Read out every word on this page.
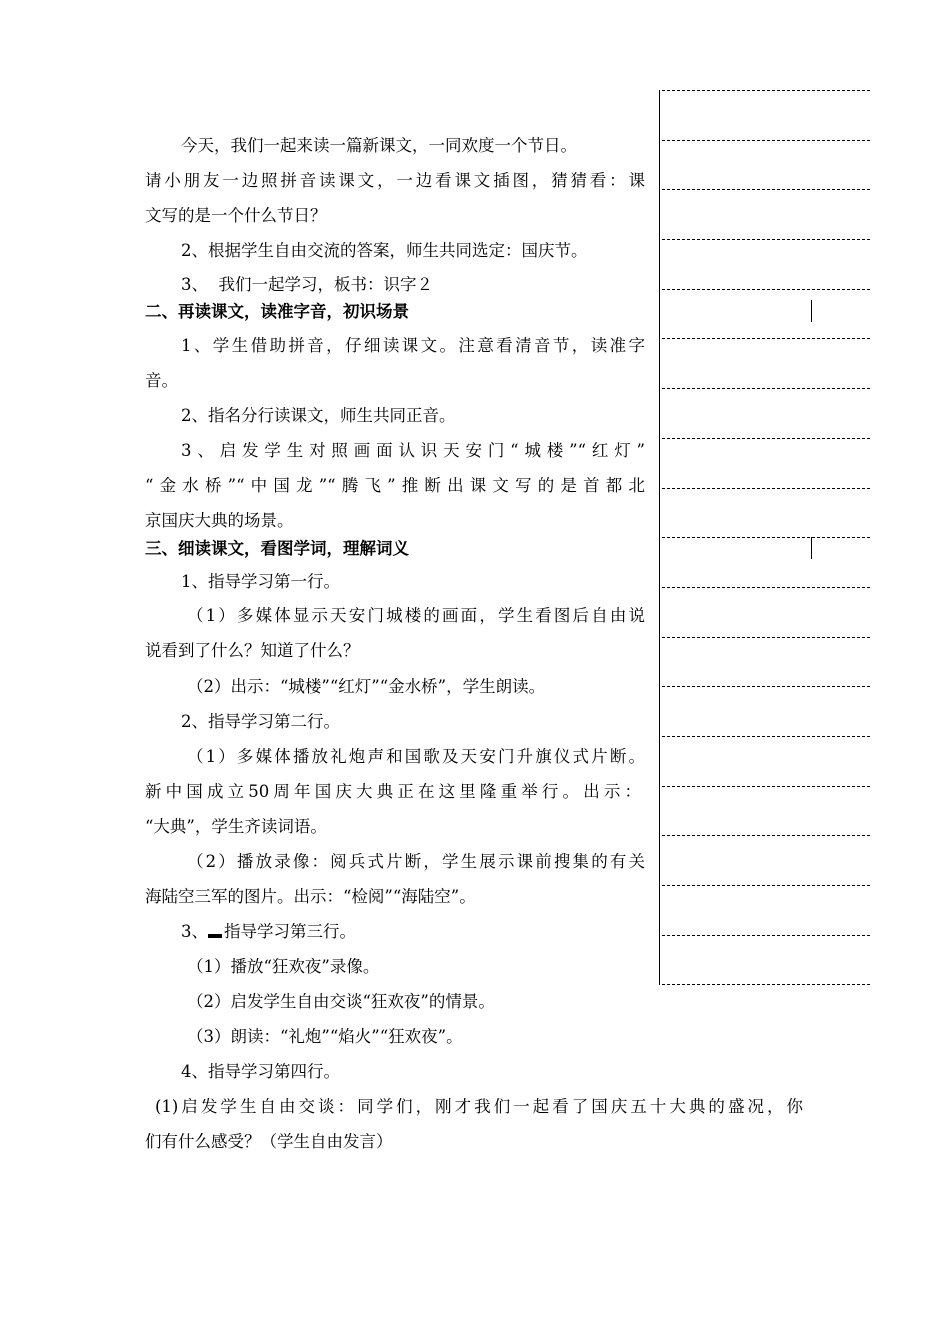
今天，我们一起来读一篇新课文，一同欢度一个节日。
请小朋友一边照拼音读课文，一边看课文插图，猜猜看：课
文写的是一个什么节日？
2、根据学生自由交流的答案，师生共同选定：国庆节。
3、  我们一起学习，板书：识字２
二、再读课文，读准字音，初识场景
1、学生借助拼音，仔细读课文。注意看清音节，读准字
音。
2、指名分行读课文，师生共同正音。
3、启发学生对照画面认识天安门“城楼”“红灯”
“金水桥”“中国龙”“腾飞”推断出课文写的是首都北
京国庆大典的场景。
三、细读课文，看图学词，理解词义
1、指导学习第一行。
（1）多媒体显示天安门城楼的画面，学生看图后自由说
说看到了什么？知道了什么？
（2）出示：“城楼”“红灯”“金水桥”，学生朗读。
2、指导学习第二行。
（1）多媒体播放礼炮声和国歌及天安门升旗仪式片断。
新中国成立50周年国庆大典正在这里隆重举行。出示：
“大典”，学生齐读词语。
（2）播放录像：阅兵式片断，学生展示课前搜集的有关
海陆空三军的图片。出示：“检阅”“海陆空”。
3、 指导学习第三行。
（1）播放“狂欢夜”录像。
（2）启发学生自由交谈“狂欢夜”的情景。
（3）朗读：“礼炮”“焰火”“狂欢夜”。
4、指导学习第四行。
(1)启发学生自由交谈：同学们，刚才我们一起看了国庆五十大典的盛况，你
们有什么感受？（学生自由发言）
